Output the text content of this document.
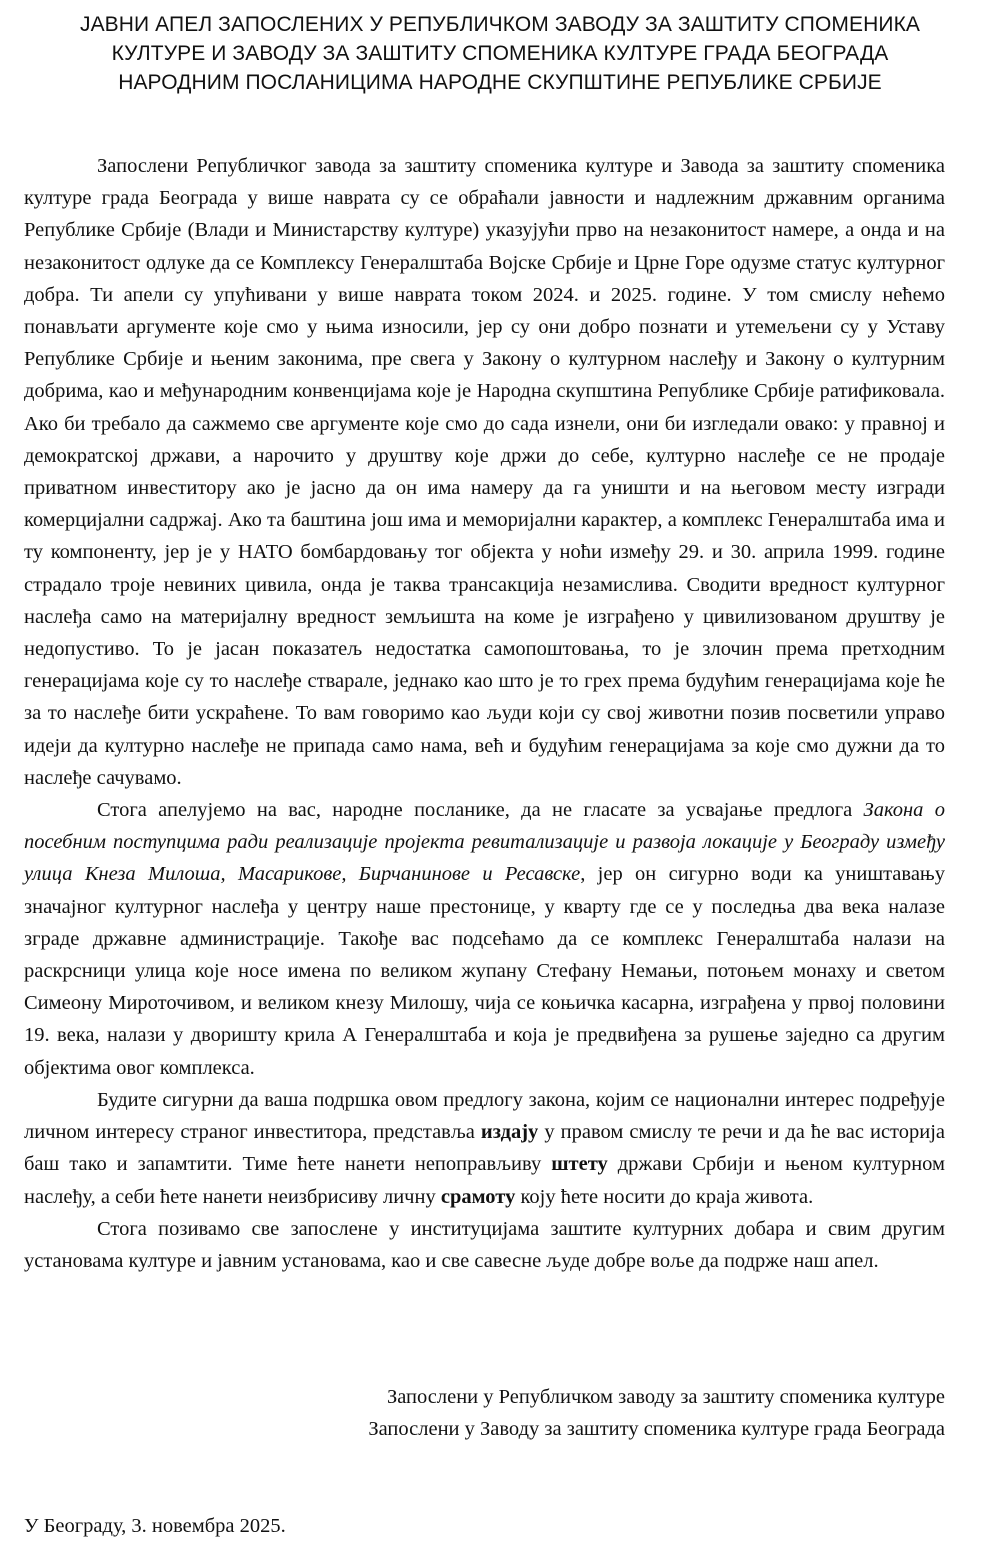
ЈАВНИ АПЕЛ ЗАПОСЛЕНИХ У РЕПУБЛИЧКОМ ЗАВОДУ ЗА ЗАШТИТУ СПОМЕНИКА
КУЛТУРЕ И ЗАВОДУ ЗА ЗАШТИТУ СПОМЕНИКА КУЛТУРЕ ГРАДА БЕОГРАДА
НАРОДНИМ ПОСЛАНИЦИМА НАРОДНЕ СКУПШТИНЕ РЕПУБЛИКЕ СРБИЈЕ

Запослени Републичког завода за заштиту споменика културе и Завода за заштиту споменика културе града Београда у више наврата су се обраћали јавности и надлежним државним органима Републике Србије (Влади и Министарству културе) указујући прво на незаконитост намере, а онда и на незаконитост одлуке да се Комплексу Генералштаба Војске Србије и Црне Горе одузме статус културног добра. Ти апели су упућивани у више наврата током 2024. и 2025. године. У том смислу нећемо понављати аргументе које смо у њима износили, јер су они добро познати и утемељени су у Уставу Републике Србије и њеним законима, пре свега у Закону о културном наслеђу и Закону о културним добрима, као и међународним конвенцијама које је Народна скупштина Републике Србије ратификовала. Ако би требало да сажмемо све аргументе које смо до сада изнели, они би изгледали овако: у правној и демократској држави, а нарочито у друштву које држи до себе, културно наслеђе се не продаје приватном инвеститору ако је јасно да он има намеру да га уништи и на његовом месту изгради комерцијални садржај. Ако та баштина још има и меморијални карактер, а комплекс Генералштаба има и ту компоненту, јер је у НАТО бомбардовању тог објекта у ноћи између 29. и 30. априла 1999. године страдало троје невиних цивила, онда је таква трансакција незамислива. Сводити вредност културног наслеђа само на материјалну вредност земљишта на коме је изграђено у цивилизованом друштву је недопустиво. То је јасан показатељ недостатка самопоштовања, то је злочин према претходним генерацијама које су то наслеђе стварале, једнако као што је то грех према будућим генерацијама које ће за то наслеђе бити ускраћене. То вам говоримо као људи који су свој животни позив посветили управо идеји да културно наслеђе не припада само нама, већ и будућим генерацијама за које смо дужни да то наслеђе сачувамо.

Стога апелујемо на вас, народне посланике, да не гласате за усвајање предлога Закона о посебним поступцима ради реализације пројекта ревитализације и развоја локације у Београду између улица Кнеза Милоша, Масарикове, Бирчанинове и Ресавске, јер он сигурно води ка уништавању значајног културног наслеђа у центру наше престонице, у кварту где се у последња два века налазе зграде државне администрације. Такође вас подсећамо да се комплекс Генералштаба налази на раскрсници улица које носе имена по великом жупану Стефану Немањи, потоњем монаху и светом Симеону Мироточивом, и великом кнезу Милошу, чија се коњичка касарна, изграђена у првој половини 19. века, налази у дворишту крила А Генералштаба и која је предвиђена за рушење заједно са другим објектима овог комплекса.

Будите сигурни да ваша подршка овом предлогу закона, којим се национални интерес подређује личном интересу страног инвеститора, представља издају у правом смислу те речи и да ће вас историја баш тако и запамтити. Тиме ћете нанети непоправљиву штету држави Србији и њеном културном наслеђу, а себи ћете нанети неизбрисиву личну срамоту коју ћете носити до краја живота.

Стога позивамо све запослене у институцијама заштите културних добара и свим другим установама културе и јавним установама, као и све савесне људе добре воље да подрже наш апел.

Запослени у Републичком заводу за заштиту споменика културе
Запослени у Заводу за заштиту споменика културе града Београда
У Београду, 3. новембра 2025.
